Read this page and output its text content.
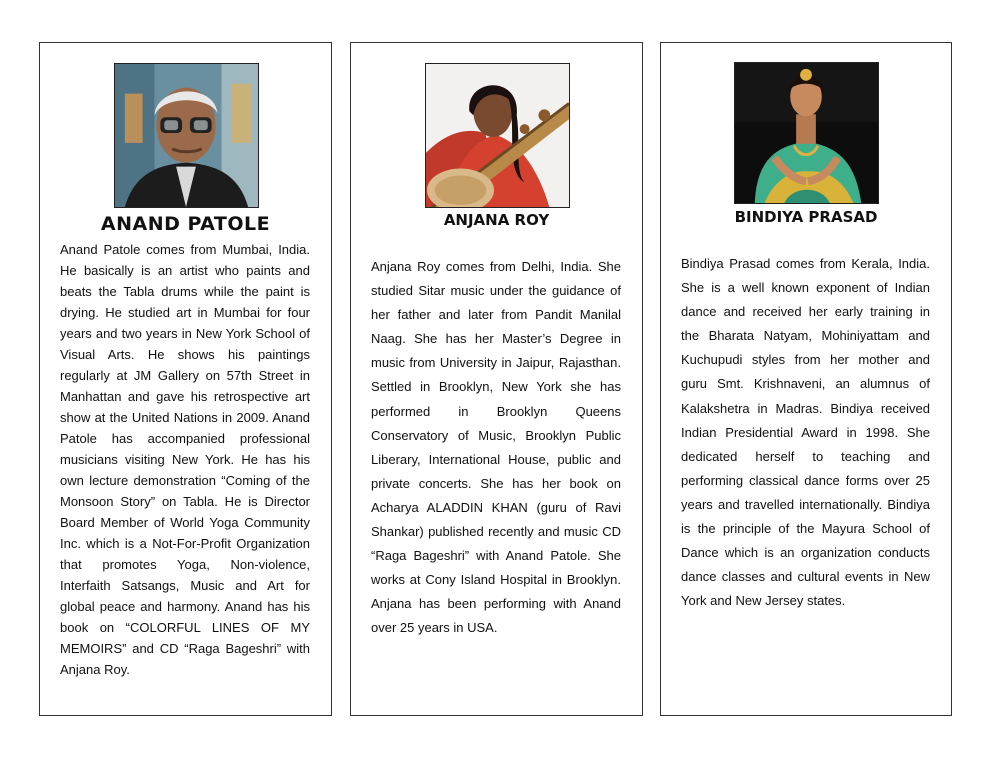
ANAND PATOLE

Anand Patole comes from Mumbai, India. He basically is an artist who paints and beats the Tabla drums while the paint is drying. He studied art in Mumbai for four years and two years in New York School of Visual Arts. He shows his paintings regularly at JM Gallery on 57th Street in Manhattan and gave his retrospective art show at the United Nations in 2009. Anand Patole has accompanied professional musicians visiting New York. He has his own lecture demonstration “Coming of the Monsoon Story” on Tabla. He is Director Board Member of World Yoga Community Inc. which is a Not-For-Profit Organization that promotes Yoga, Non-violence, Interfaith Satsangs, Music and Art for global peace and harmony. Anand has his book on “COLORFUL LINES OF MY MEMOIRS” and CD “Raga Bageshri” with Anjana Roy.

ANJANA ROY

Anjana Roy comes from Delhi, India. She studied Sitar music under the guidance of her father and later from Pandit Manilal Naag. She has her Master’s Degree in music from University in Jaipur, Rajasthan. Settled in Brooklyn, New York she has performed in Brooklyn Queens Conservatory of Music, Brooklyn Public Liberary, International House, public and private concerts. She has her book on Acharya ALADDIN KHAN (guru of Ravi Shankar) published recently and music CD “Raga Bageshri” with Anand Patole. She works at Cony Island Hospital in Brooklyn. Anjana has been performing with Anand over 25 years in USA.

BINDIYA PRASAD

Bindiya Prasad comes from Kerala, India. She is a well known exponent of Indian dance and received her early training in the Bharata Natyam, Mohiniyattam and Kuchupudi styles from her mother and guru Smt. Krishnaveni, an alumnus of Kalakshetra in Madras. Bindiya received Indian Presidential Award in 1998. She dedicated herself to teaching and performing classical dance forms over 25 years and travelled internationally. Bindiya is the principle of the Mayura School of Dance which is an organization conducts dance classes and cultural events in New York and New Jersey states.
